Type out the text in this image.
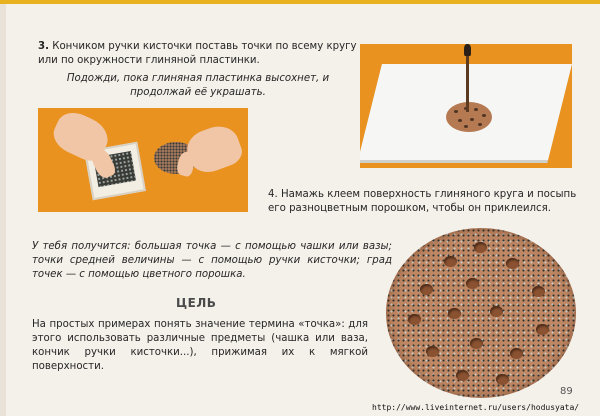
3. Кончиком ручки кисточки поставь точки по всему кругу или по окружности глиняной пластинки.

Подожди, пока глиняная пластинка высохнет, и продолжай её украшать.

4. Намажь клеем поверхность глиняного круга и посыпь его разноцветным порошком, чтобы он приклеился.

У тебя получится: большая точка — с помощью чашки или вазы; точки средней величины — с помощью ручки кисточки; град точек — с помощью цветного порошка.

ЦЕЛЬ

На простых примерах понять значение термина «точка»: для этого использовать различные предметы (чашка или ваза, кончик ручки кисточки...), прижимая их к мягкой поверхности.

89
http://www.liveinternet.ru/users/hodusyata/
